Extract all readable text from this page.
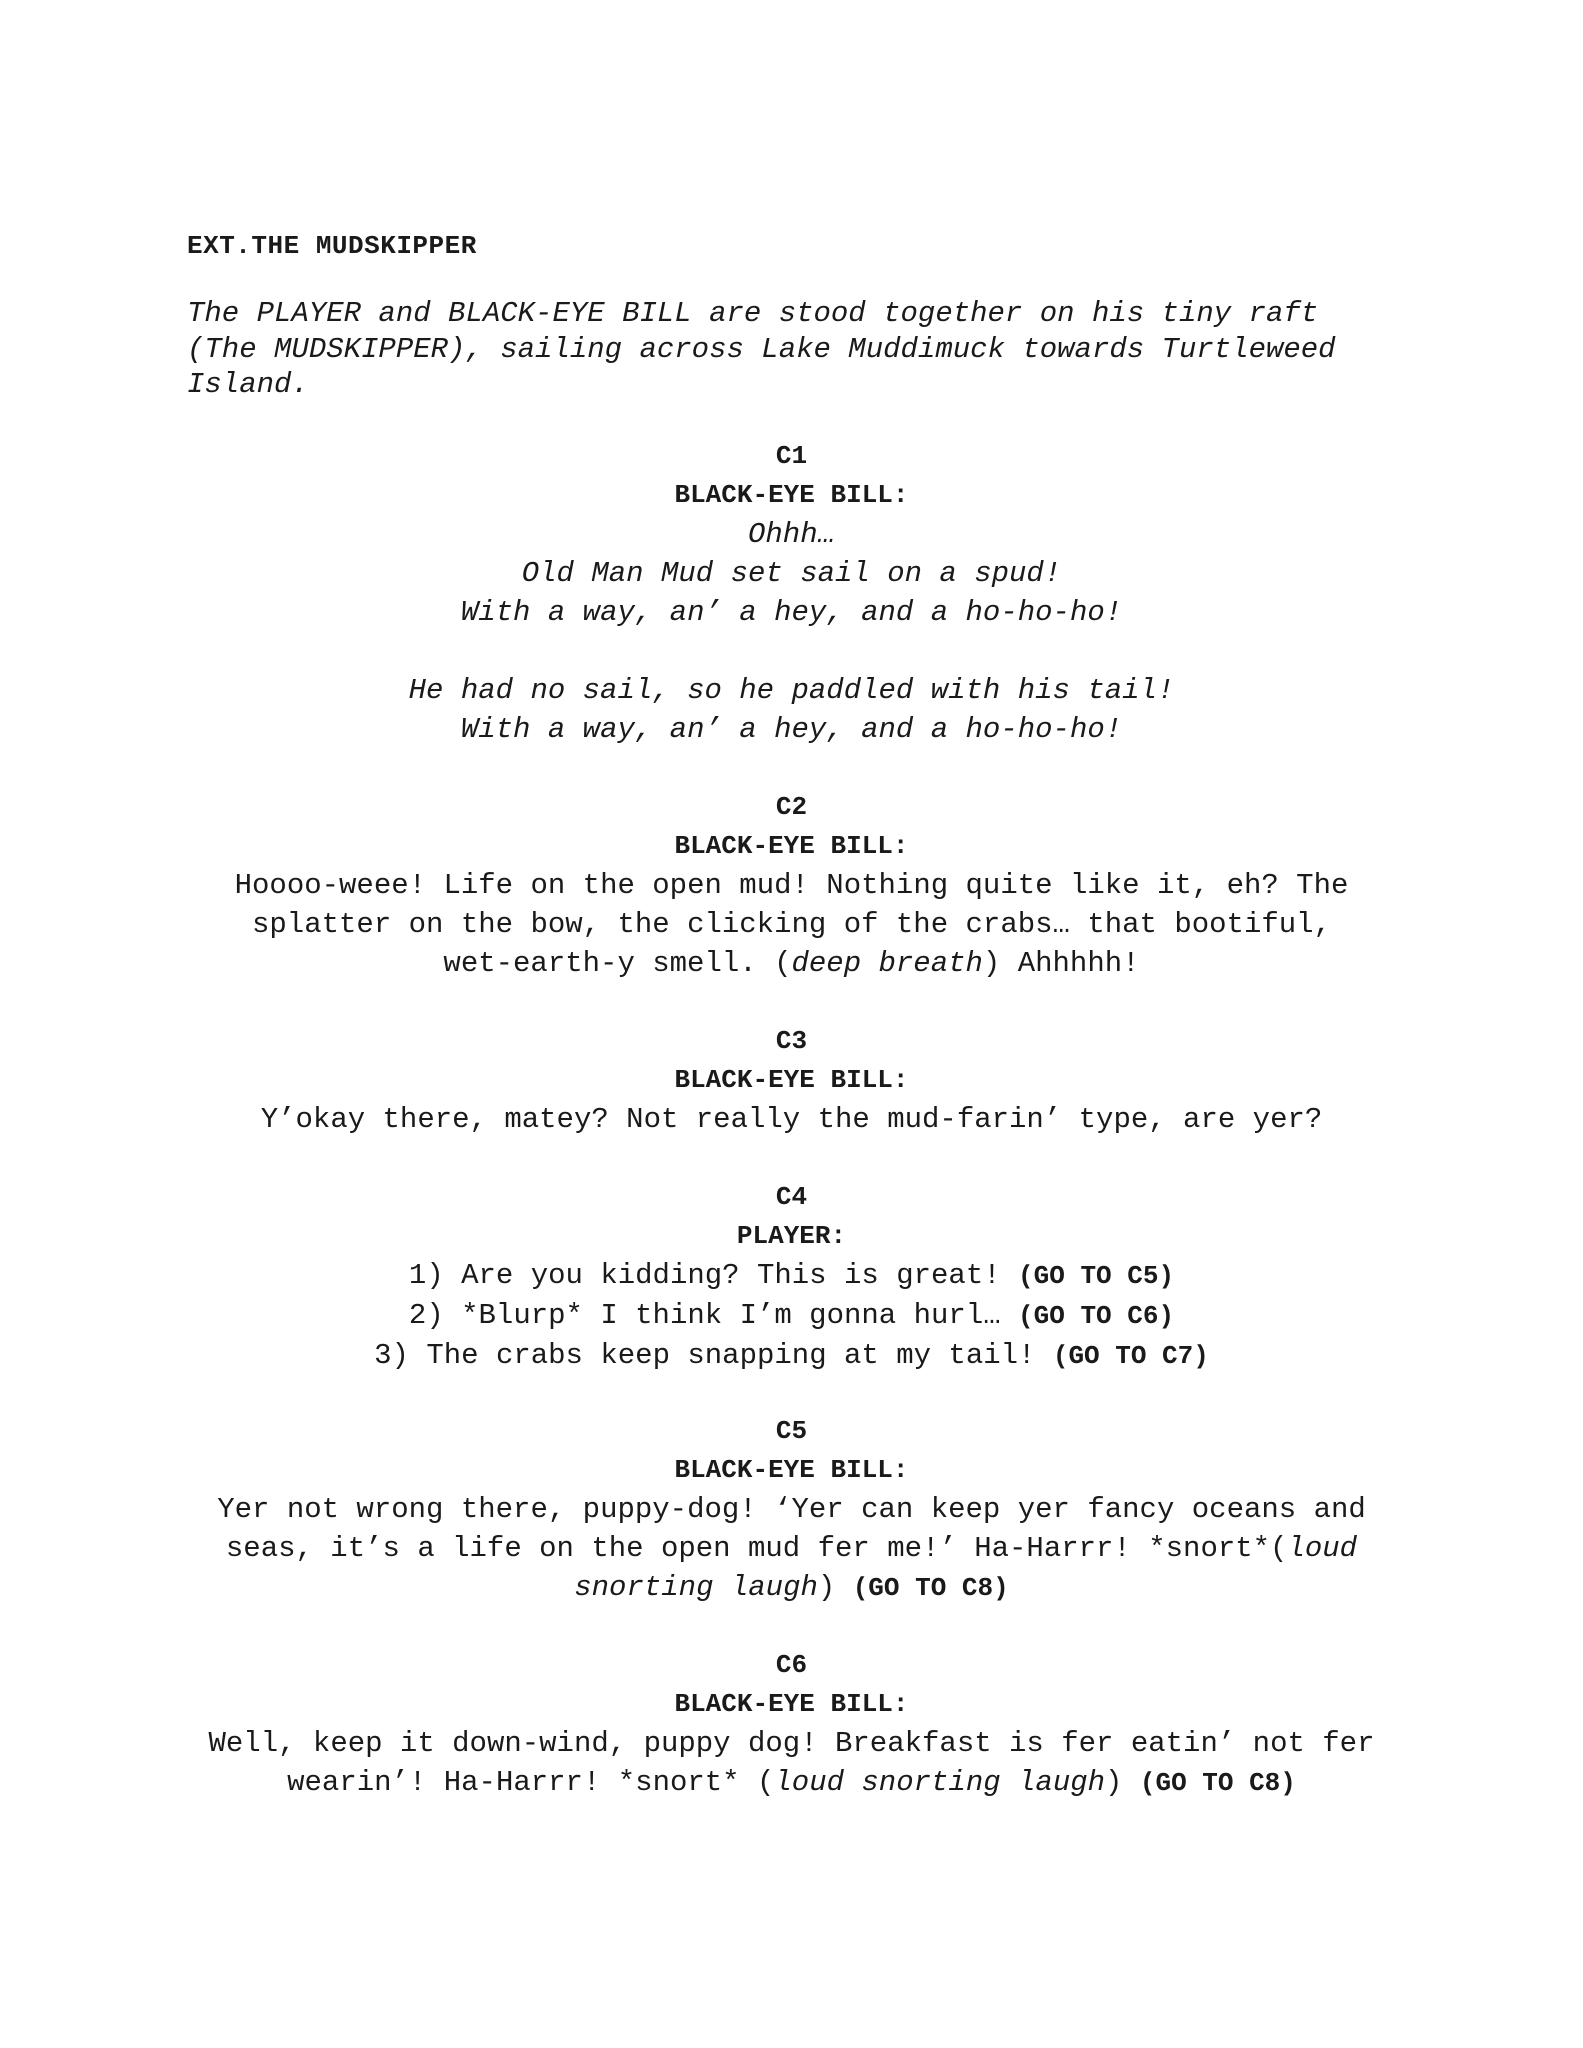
EXT.THE MUDSKIPPER
The PLAYER and BLACK-EYE BILL are stood together on his tiny raft
(The MUDSKIPPER), sailing across Lake Muddimuck towards Turtleweed
Island.
C1
BLACK-EYE BILL:
Ohhh…
Old Man Mud set sail on a spud!
With a way, an’ a hey, and a ho-ho-ho!
He had no sail, so he paddled with his tail!
With a way, an’ a hey, and a ho-ho-ho!
C2
BLACK-EYE BILL:
Hoooo-weee! Life on the open mud! Nothing quite like it, eh? The
splatter on the bow, the clicking of the crabs… that bootiful,
wet-earth-y smell. (deep breath) Ahhhhh!
C3
BLACK-EYE BILL:
Y’okay there, matey? Not really the mud-farin’ type, are yer?
C4
PLAYER:
1) Are you kidding? This is great! (GO TO C5)
2) *Blurp* I think I’m gonna hurl… (GO TO C6)
3) The crabs keep snapping at my tail! (GO TO C7)
C5
BLACK-EYE BILL:
Yer not wrong there, puppy-dog! ‘Yer can keep yer fancy oceans and
seas, it’s a life on the open mud fer me!’ Ha-Harrr! *snort*(loud
snorting laugh) (GO TO C8)
C6
BLACK-EYE BILL:
Well, keep it down-wind, puppy dog! Breakfast is fer eatin’ not fer
wearin’! Ha-Harrr! *snort* (loud snorting laugh) (GO TO C8)
